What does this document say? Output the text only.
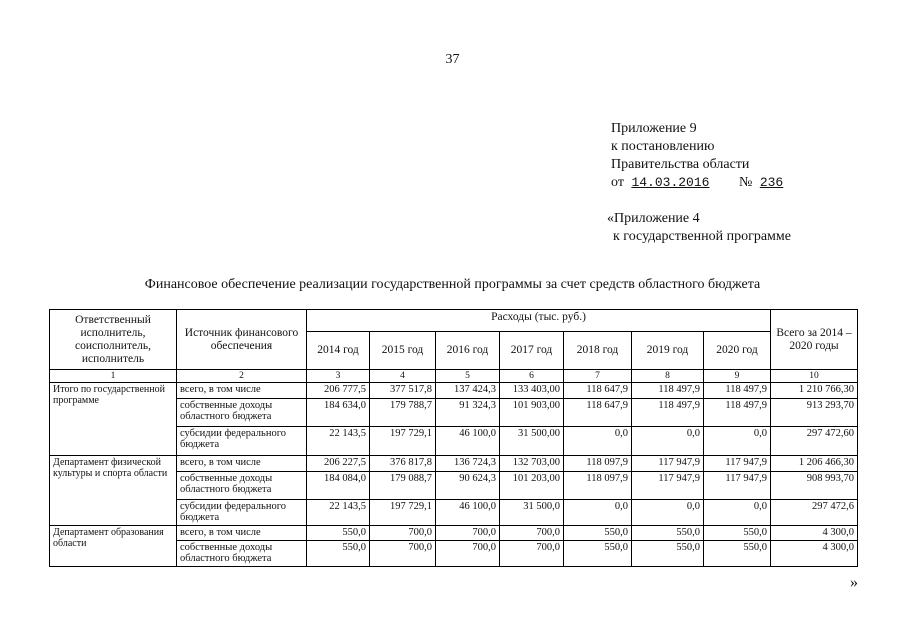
37
Приложение 9
к постановлению
Правительства области
от 14.03.2016 № 236
«Приложение 4
к государственной программе
Финансовое обеспечение реализации государственной программы за счет средств областного бюджета
Ответственный исполнитель, соисполнитель, исполнитель	Источник финансового обеспечения	Расходы (тыс. руб.)							Всего за 2014 – 2020 годы
		2014 год	2015 год	2016 год	2017 год	2018 год	2019 год	2020 год	
1	2	3	4	5	6	7	8	9	10
Итого по государственной программе	всего, в том числе	206 777,5	377 517,8	137 424,3	133 403,00	118 647,9	118 497,9	118 497,9	1 210 766,30
	собственные доходы областного бюджета	184 634,0	179 788,7	91 324,3	101 903,00	118 647,9	118 497,9	118 497,9	913 293,70
	субсидии федерального бюджета	22 143,5	197 729,1	46 100,0	31 500,00	0,0	0,0	0,0	297 472,60
Департамент физической культуры и спорта области	всего, в том числе	206 227,5	376 817,8	136 724,3	132 703,00	118 097,9	117 947,9	117 947,9	1 206 466,30
	собственные доходы областного бюджета	184 084,0	179 088,7	90 624,3	101 203,00	118 097,9	117 947,9	117 947,9	908 993,70
	субсидии федерального бюджета	22 143,5	197 729,1	46 100,0	31 500,0	0,0	0,0	0,0	297 472,6
Департамент образования области	всего, в том числе	550,0	700,0	700,0	700,0	550,0	550,0	550,0	4 300,0
	собственные доходы областного бюджета	550,0	700,0	700,0	700,0	550,0	550,0	550,0	4 300,0
»
